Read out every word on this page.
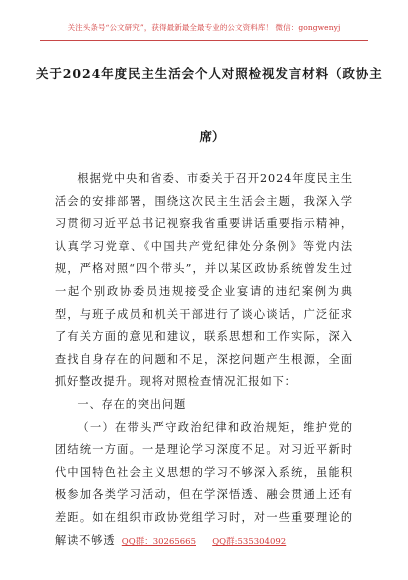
关注头条号“公文研究”，获得最新最全最专业的公文资料库！ 微信：gongwenyj
关于2024年度民主生活会个人对照检视发言材料（政协主
席）

根据党中央和省委、市委关于召开2024年度民主生活会的安排部署，围绕这次民主生活会主题，我深入学习贯彻习近平总书记视察我省重要讲话重要指示精神，认真学习党章、《中国共产党纪律处分条例》等党内法规，严格对照“四个带头”，并以某区政协系统曾发生过一起个别政协委员违规接受企业宴请的违纪案例为典型，与班子成员和机关干部进行了谈心谈话，广泛征求了有关方面的意见和建议，联系思想和工作实际，深入查找自身存在的问题和不足，深挖问题产生根源，全面抓好整改提升。现将对照检查情况汇报如下：

一、存在的突出问题

（一）在带头严守政治纪律和政治规矩，维护党的团结统一方面。一是理论学习深度不足。对习近平新时代中国特色社会主义思想的学习不够深入系统，虽能积极参加各类学习活动，但在学深悟透、融会贯通上还有差距。如在组织市政协党组学习时，对一些重要理论的解读不够透 QQ群：30265665 QQ群:535304092
